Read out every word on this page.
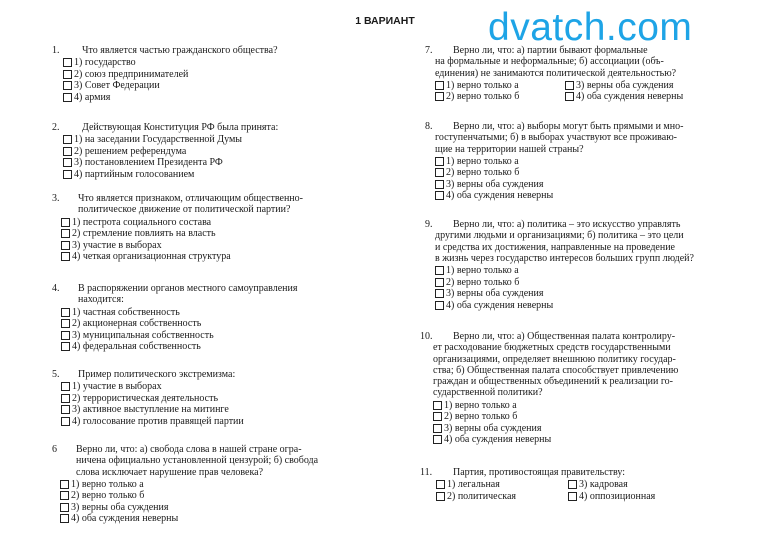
1 ВАРИАНТ	dvatch.com
1.	Что является частью гражданского общества?
1) государство
2) союз предпринимателей
3) Совет Федерации
4) армия
2.	Действующая Конституция РФ была принята:
1) на заседании Государственной Думы
2) решением референдума
3) постановлением Президента РФ
4) партийным голосованием
3.	Что является признаком, отличающим общественно-
политическое движение от политической партии?
1) пестрота социального состава
2) стремление повлиять на власть
3) участие в выборах
4) четкая организационная структура
4.	В распоряжении органов местного самоуправления
находится:
1) частная собственность
2) акционерная собственность
3) муниципальная собственность
4) федеральная собственность
5.	Пример политического экстремизма:
1) участие в выборах
2) террористическая деятельность
3) активное выступление на митинге
4) голосование против правящей партии
6	Верно ли, что: а) свобода слова в нашей стране огра-
ничена официально установленной цензурой; б) свобода
слова исключает нарушение прав человека?
1) верно только а
2) верно только б
3) верны оба суждения
4) оба суждения неверны
7.	Верно ли, что: а) партии бывают формальные
на формальные и неформальные; б) ассоциации (объ-
единения) не занимаются политической деятельностью?
1) верно только а	3) верны оба суждения
2) верно только б	4) оба суждения неверны
8.	Верно ли, что: а) выборы могут быть прямыми и мно-
гоступенчатыми; б) в выборах участвуют все проживаю-
щие на территории нашей страны?
1) верно только а
2) верно только б
3) верны оба суждения
4) оба суждения неверны
9.	Верно ли, что: а) политика – это искусство управлять
другими людьми и организациями; б) политика – это цели
и средства их достижения, направленные на проведение
в жизнь через государство интересов больших групп людей?
1) верно только а
2) верно только б
3) верны оба суждения
4) оба суждения неверны
10.	Верно ли, что: а) Общественная палата контролиру-
ет расходование бюджетных средств государственными
организациями, определяет внешнюю политику государ-
ства; б) Общественная палата способствует привлечению
граждан и общественных объединений к реализации го-
сударственной политики?
1) верно только а
2) верно только б
3) верны оба суждения
4) оба суждения неверны
11.	Партия, противостоящая правительству:
1) легальная	3) кадровая
2) политическая	4) оппозиционная
